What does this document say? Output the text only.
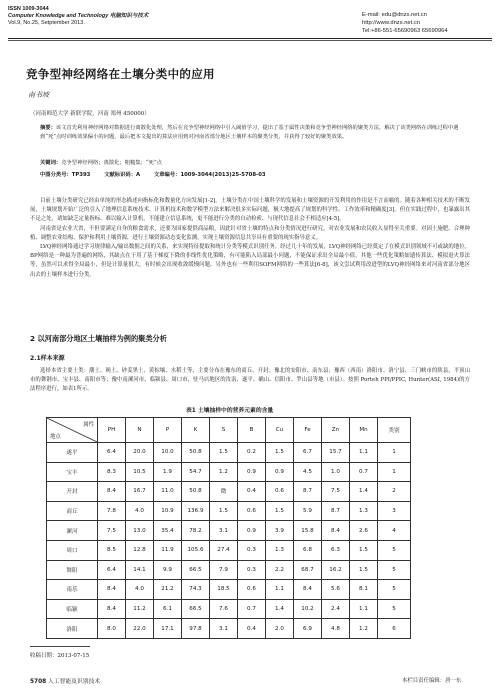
ISSN 1009-3044
Computer Knowledge and Technology 电脑知识与技术
Vol.9, No.25, Setptember 2013.
E-mail: edu@dnzs.net.cn
http://www.dnzs.net.cn
Tel:+86-551-65690963 65690964
竞争型神经网络在土壤分类中的应用
南书坡
（河南师范大学 新联学院，河南 郑州 450000）
摘要：该文首先利用神经网络对数据进行离散化处理，然后在竞争型神经网络中引入阈值学习，提出了基于属性决策和竞争型神经网络的聚类方法，解决了该类网络在训练过程中遇到“死”点时训练效果偏小的问题，最后把本文提出的算法应用到对河南省部分地区土壤样本的聚类分类，并获得了较好的聚类效果。
关键词：竞争型神经网络；离散化；粗糙集；“死”点
中图分类号：TP393	文献标识码：A	文章编号：1009-3044(2013)25-5708-03

目前土壤分类研究已经由单纯的形态描述向指标化和数量化方向发展[1-2]。土壤分类在中国土壤科学的发展和土壤资源的开发利用的作用是不言而喻的。随着各种相关技术的不断发展，土壤规划开始广泛的引入了地理信息系统技术、计算机技术和数学模型方法来解决很多实际问题，极大地提高了规划的科学性、工作效率和精确度[3]。但在实践过程中，也暴露出其不足之处，诸如缺乏定量指标、难以输入计算机，不能建立信息系统，更不能进行分类的自动检索、与现代信息社会不相适应[4-5]。

河南省是农业大省，不但要满足自身的粮食需求，还要为国家提供商品粮，因此针对省土壤的特点和分类情况进行研究，对农业发展和农民收入显得至关重要。对因土施肥、合理种植、调整农业结构、保护和利用土壤资源，进行土壤资源动态变化监测，实现土壤资源信息共享具有重要的现实指导意义。

LVQ神经网络通过学习规律输入/输出数据之间的关系，来实现特征提取和统计分类等模式识别任务。经过几十年的发展，LVQ神经网络已经奠定了在模式识别领域不可或缺的地位。BP网络是一种最为普遍的网络，其缺点在于用了基于梯度下降的非线性优化策略，有可能陷入局部最小问题，不能保证求出全局最小值。其他一些优化策略如遗传算法、模拟退火算法等，虽然可以求得全局最小，但是计算量很大，有时候会出现收敛缓慢问题。另外也有一些利用SOFM网络的一些算法[6-8]，该文尝试利用改进型的LVQ神经网络来对河南省部分地区出去的土壤样本进行分类。

2 以河南部分地区土壤抽样为例的聚类分析
2.1样本来源

选择本省主要土类：潮土、褐土、砂姜黑土、黄棕壤、水稻土等，主要分布在豫东的商丘、开封；豫北的安阳市、南东县；豫西（西南）洛阳市、洛宁县、三门峡市的陕县，平顶山市的舞钢市、宝丰县、南阳市等；豫中南漯河市、临颍县、周口市，驻马店地区的汝南、遂平、确山、信阳市、罗山县等地（市县）。按照 Porteh PPI/PPIC, Hunter(ASI, 1984)的方法程序进行，如表1所示。

表1 土壤抽样中的营养元素的含量
属性
地点	PH	N	P	K	S	B	Cu	Fe	Zn	Mn	类别
遂平	6.4	20.0	10.0	50.8	1.5	0.2	1.5	6.7	15.7	1.1	1
宝丰	8.3	10.5	1.9	54.7	1.2	0.9	0.9	4.5	1.0	0.7	1
开封	8.4	16.7	11.0	50.8	微	0.4	0.6	8.7	7.5	1.4	2
商丘	7.8	4.0	10.9	136.9	1.5	0.6	1.5	5.9	8.7	1.3	3
漯河	7.5	13.0	35.4	78.2	3.1	0.9	3.9	15.8	8.4	2.6	4
周口	8.5	12.8	11.9	105.6	27.4	0.3	1.3	6.8	6.3	1.5	5
舞阳	6.4	14.1	9.9	66.5	7.9	0.3	2.2	68.7	16.2	1.5	5
南乐	8.4	4.0	21.2	74.3	18.5	0.6	1.1	8.4	5.6	8.1	5
临颖	8.4	11.2	6.1	66.5	7.6	0.7	1.4	10.2	2.4	1.1	5
洛阳	8.0	22.0	17.1	97.8	3.1	0.4	2.0	6.9	4.8	1.2	6
收稿日期：2013-07-15
5708 人工智能及识别技术	本栏目责任编辑：唐一东
